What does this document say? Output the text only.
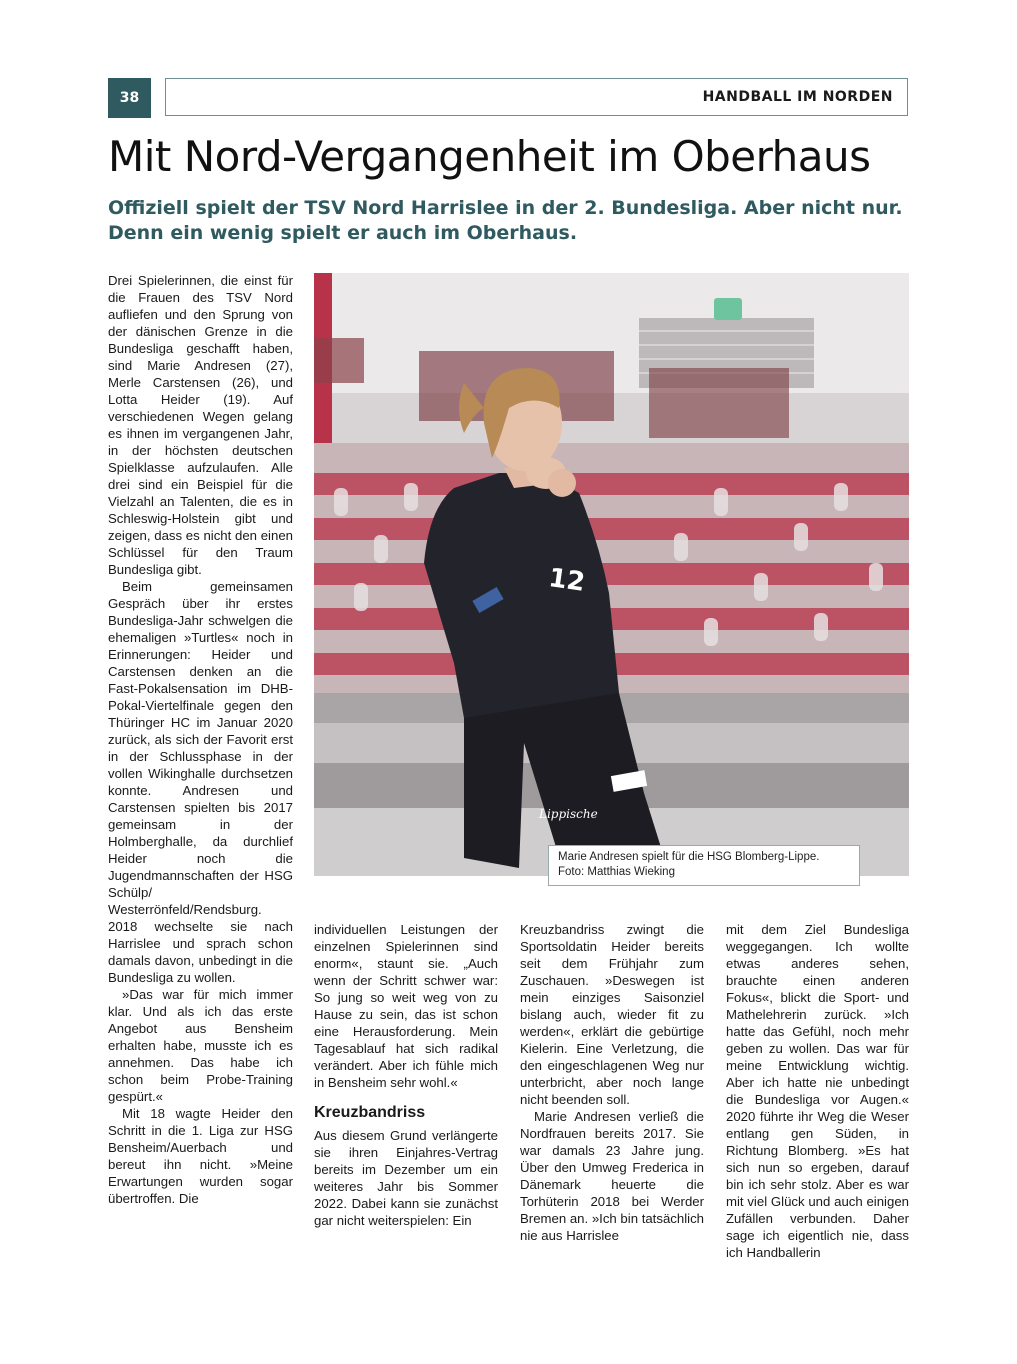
38	HANDBALL IM NORDEN
Mit Nord-Vergangenheit im Oberhaus
Offiziell spielt der TSV Nord Harrislee in der 2. Bundesliga. Aber nicht nur.
Denn ein wenig spielt er auch im Oberhaus.

Drei Spielerinnen, die einst für die Frauen des TSV Nord aufliefen und den Sprung von der dänischen Grenze in die Bundesliga geschafft haben, sind Marie Andresen (27), Merle Carstensen (26), und Lotta Heider (19). Auf verschiedenen Wegen gelang es ihnen im vergangenen Jahr, in der höchsten deutschen Spielklasse aufzulaufen. Alle drei sind ein Beispiel für die Vielzahl an Talenten, die es in Schleswig-Holstein gibt und zeigen, dass es nicht den einen Schlüssel für den Traum Bundesliga gibt.

Beim gemeinsamen Gespräch über ihr erstes Bundesliga-Jahr schwelgen die ehemaligen »Turtles« noch in Erinnerungen: Heider und Carstensen denken an die Fast-Pokalsensation im DHB-Pokal-Viertelfinale gegen den Thüringer HC im Januar 2020 zurück, als sich der Favorit erst in der Schlussphase in der vollen Wikinghalle durchsetzen konnte. Andresen und Carstensen spielten bis 2017 gemeinsam in der Holmberghalle, da durchlief Heider noch die Jugendmannschaften der HSG Schülp/ Westerrönfeld/Rendsburg. 2018 wechselte sie nach Harrislee und sprach schon damals davon, unbedingt in die Bundesliga zu wollen.

»Das war für mich immer klar. Und als ich das erste Angebot aus Bensheim erhalten habe, musste ich es annehmen. Das habe ich schon beim Probe-Training gespürt.«

Mit 18 wagte Heider den Schritt in die 1. Liga zur HSG Bensheim/Auerbach und bereut ihn nicht. »Meine Erwartungen wurden sogar übertroffen. Die

12
Lippische
Marie Andresen spielt für die HSG Blomberg-Lippe.
Foto: Matthias Wieking

individuellen Leistungen der einzelnen Spielerinnen sind enorm«, staunt sie. „Auch wenn der Schritt schwer war: So jung so weit weg von zu Hause zu sein, das ist schon eine Herausforderung. Mein Tagesablauf hat sich radikal verändert. Aber ich fühle mich in Bensheim sehr wohl.«

Kreuzbandriss

Aus diesem Grund verlängerte sie ihren Einjahres-Vertrag bereits im Dezember um ein weiteres Jahr bis Sommer 2022. Dabei kann sie zunächst gar nicht weiterspielen: Ein

Kreuzbandriss zwingt die Sportsoldatin Heider bereits seit dem Frühjahr zum Zuschauen. »Deswegen ist mein einziges Saisonziel bislang auch, wieder fit zu werden«, erklärt die gebürtige Kielerin. Eine Verletzung, die den eingeschlagenen Weg nur unterbricht, aber noch lange nicht beenden soll.

Marie Andresen verließ die Nordfrauen bereits 2017. Sie war damals 23 Jahre jung. Über den Umweg Frederica in Dänemark heuerte die Torhüterin 2018 bei Werder Bremen an. »Ich bin tatsächlich nie aus Harrislee

mit dem Ziel Bundesliga weggegangen. Ich wollte etwas anderes sehen, brauchte einen anderen Fokus«, blickt die Sport- und Mathelehrerin zurück. »Ich hatte das Gefühl, noch mehr geben zu wollen. Das war für meine Entwicklung wichtig. Aber ich hatte nie unbedingt die Bundesliga vor Augen.« 2020 führte ihr Weg die Weser entlang gen Süden, in Richtung Blomberg. »Es hat sich nun so ergeben, darauf bin ich sehr stolz. Aber es war mit viel Glück und auch einigen Zufällen verbunden. Daher sage ich eigentlich nie, dass ich Handballerin
